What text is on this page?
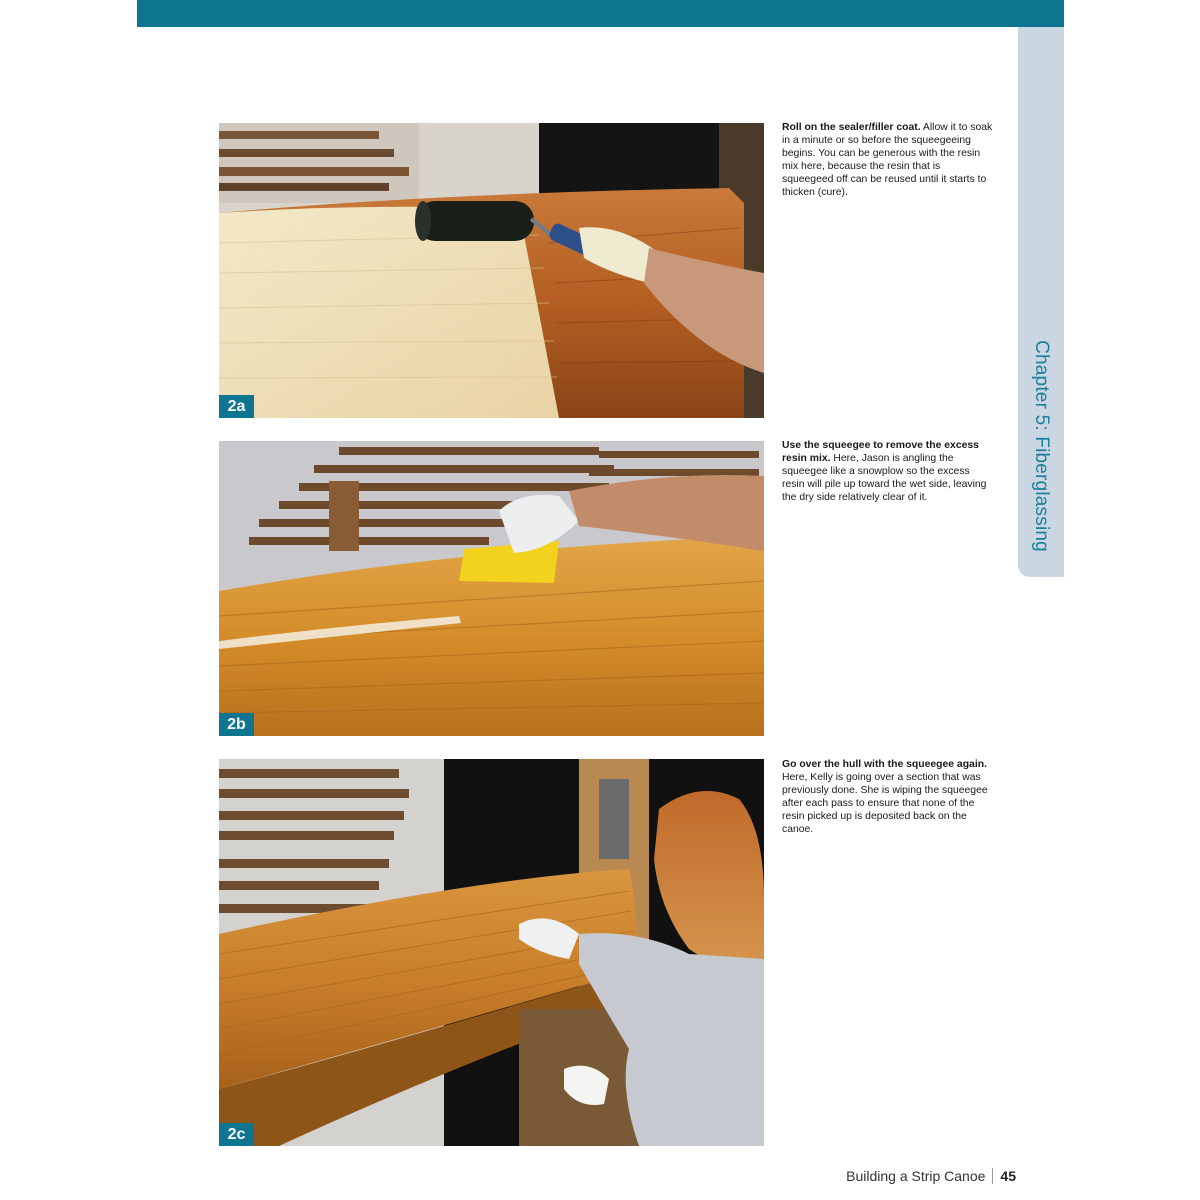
Chapter 5: Fiberglassing
2a
Roll on the sealer/filler coat. Allow it to soak in a minute or so before the squeegeeing begins. You can be generous with the resin mix here, because the resin that is squeegeed off can be reused until it starts to thicken (cure).
2b
Use the squeegee to remove the excess resin mix. Here, Jason is angling the squeegee like a snowplow so the excess resin will pile up toward the wet side, leaving the dry side relatively clear of it.
2c
Go over the hull with the squeegee again. Here, Kelly is going over a section that was previously done. She is wiping the squeegee after each pass to ensure that none of the resin picked up is deposited back on the canoe.
Building a Strip Canoe 45
